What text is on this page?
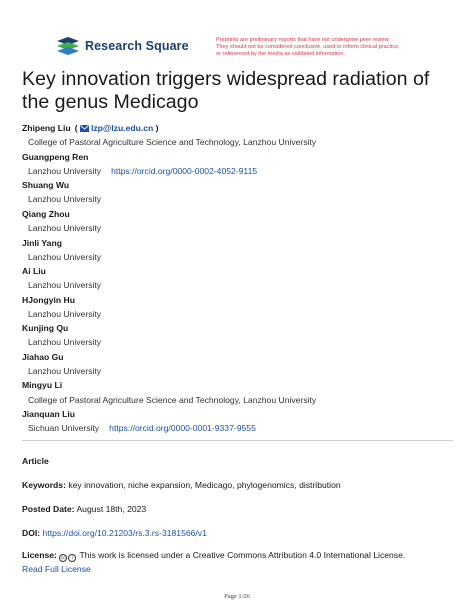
Research Square	Preprints are preliminary reports that have not undergone peer review.
They should not be considered conclusive, used to inform clinical practice,
or referenced by the media as validated information.
Key innovation triggers widespread radiation of the genus Medicago
Zhipeng Liu ( lzp@lzu.edu.cn )
College of Pastoral Agriculture Science and Technology, Lanzhou University
Guangpeng Ren
Lanzhou University https://orcid.org/0000-0002-4052-9115
Shuang Wu
Lanzhou University
Qiang Zhou
Lanzhou University
Jinli Yang
Lanzhou University
Ai Liu
Lanzhou University
HJongyin Hu
Lanzhou University
Kunjing Qu
Lanzhou University
Jiahao Gu
Lanzhou University
Mingyu Li
College of Pastoral Agriculture Science and Technology, Lanzhou University
Jianquan Liu
Sichuan University https://orcid.org/0000-0001-9337-9555
Article
Keywords: key innovation, niche expansion, Medicago, phylogenomics, distribution
Posted Date: August 18th, 2023
DOI: https://doi.org/10.21203/rs.3.rs-3181566/v1
License: cc i This work is licensed under a Creative Commons Attribution 4.0 International License.
Read Full License
Page 1/26
